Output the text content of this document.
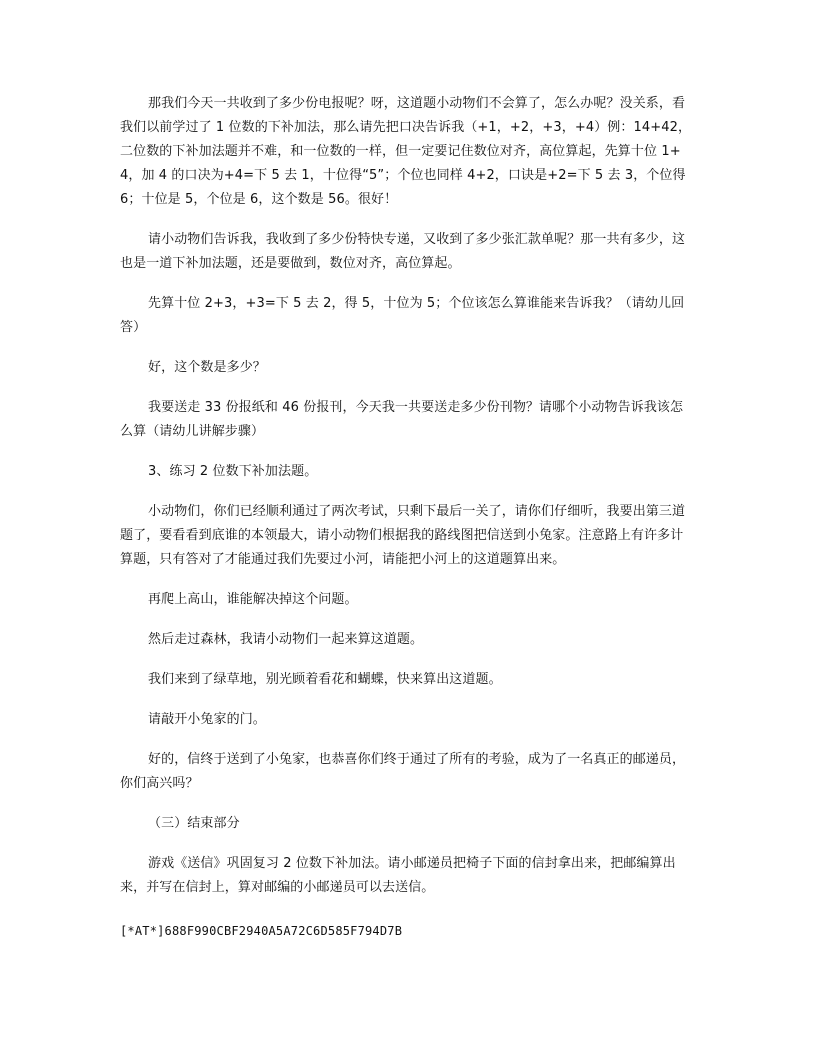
那我们今天一共收到了多少份电报呢？呀，这道题小动物们不会算了，怎么办呢？没关系，看我们以前学过了 1 位数的下补加法，那么请先把口决告诉我（+1，+2，+3，+4）例：14+42，二位数的下补加法题并不难，和一位数的一样，但一定要记住数位对齐，高位算起，先算十位 1+4，加 4 的口决为+4=下 5 去 1，十位得“5”；个位也同样 4+2，口诀是+2=下 5 去 3，个位得 6；十位是 5，个位是 6，这个数是 56。很好！

请小动物们告诉我，我收到了多少份特快专递，又收到了多少张汇款单呢？那一共有多少，这也是一道下补加法题，还是要做到，数位对齐，高位算起。

先算十位 2+3，+3=下 5 去 2，得 5，十位为 5；个位该怎么算谁能来告诉我？（请幼儿回答）

好，这个数是多少？

我要送走 33 份报纸和 46 份报刊，今天我一共要送走多少份刊物？请哪个小动物告诉我该怎么算（请幼儿讲解步骤）

3、练习 2 位数下补加法题。

小动物们，你们已经顺利通过了两次考试，只剩下最后一关了，请你们仔细听，我要出第三道题了，要看看到底谁的本领最大，请小动物们根据我的路线图把信送到小兔家。注意路上有许多计算题，只有答对了才能通过我们先要过小河，请能把小河上的这道题算出来。

再爬上高山，谁能解决掉这个问题。

然后走过森林，我请小动物们一起来算这道题。

我们来到了绿草地，别光顾着看花和蝴蝶，快来算出这道题。

请敲开小兔家的门。

好的，信终于送到了小兔家，也恭喜你们终于通过了所有的考验，成为了一名真正的邮递员，你们高兴吗？

（三）结束部分

游戏《送信》巩固复习 2 位数下补加法。请小邮递员把椅子下面的信封拿出来，把邮编算出来，并写在信封上，算对邮编的小邮递员可以去送信。

[*AT*]688F990CBF2940A5A72C6D585F794D7B
